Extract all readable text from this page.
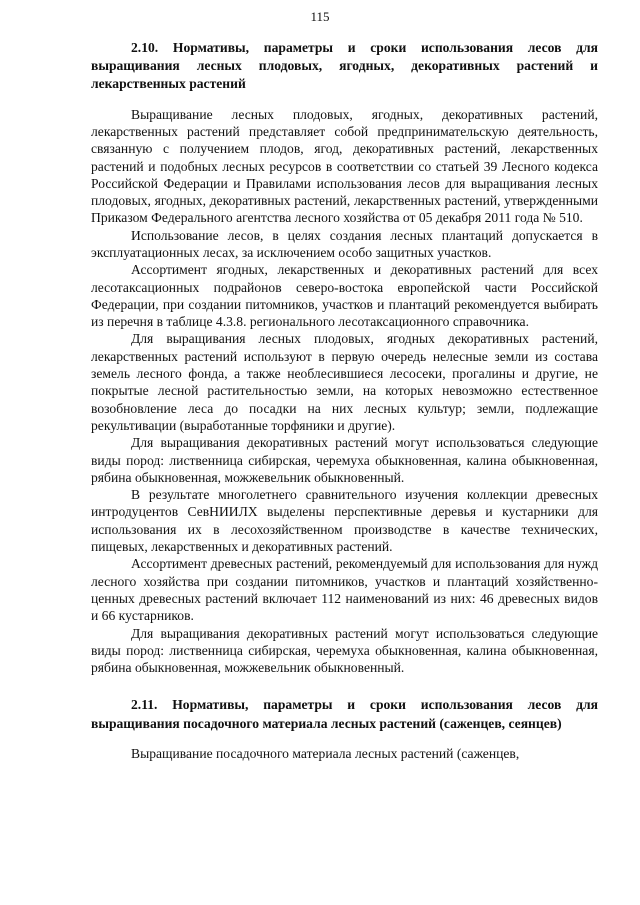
115
2.10. Нормативы, параметры и сроки использования лесов для выращивания лесных плодовых, ягодных, декоративных растений и лекарственных растений

Выращивание лесных плодовых, ягодных, декоративных растений, лекарственных растений представляет собой предпринимательскую деятельность, связанную с получением плодов, ягод, декоративных растений, лекарственных растений и подобных лесных ресурсов в соответствии со статьей 39 Лесного кодекса Российской Федерации и Правилами использования лесов для выращивания лесных плодовых, ягодных, декоративных растений, лекарственных растений, утвержденными Приказом Федерального агентства лесного хозяйства от 05 декабря 2011 года № 510.

Использование лесов, в целях создания лесных плантаций допускается в эксплуатационных лесах, за исключением особо защитных участков.

Ассортимент ягодных, лекарственных и декоративных растений для всех лесотаксационных подрайонов северо-востока европейской части Российской Федерации, при создании питомников, участков и плантаций рекомендуется выбирать из перечня в таблице 4.3.8. регионального лесотаксационного справочника.

Для выращивания лесных плодовых, ягодных декоративных растений, лекарственных растений используют в первую очередь нелесные земли из состава земель лесного фонда, а также необлесившиеся лесосеки, прогалины и другие, не покрытые лесной растительностью земли, на которых невозможно естественное возобновление леса до посадки на них лесных культур; земли, подлежащие рекультивации (выработанные торфяники и другие).

Для выращивания декоративных растений могут использоваться следующие виды пород: лиственница сибирская, черемуха обыкновенная, калина обыкновенная, рябина обыкновенная, можжевельник обыкновенный.

В результате многолетнего сравнительного изучения коллекции древесных интродуцентов СевНИИЛХ выделены перспективные деревья и кустарники для использования их в лесохозяйственном производстве в качестве технических, пищевых, лекарственных и декоративных растений.

Ассортимент древесных растений, рекомендуемый для использования для нужд лесного хозяйства при создании питомников, участков и плантаций хозяйственно-ценных древесных растений включает 112 наименований из них: 46 древесных видов и 66 кустарников.

Для выращивания декоративных растений могут использоваться следующие виды пород: лиственница сибирская, черемуха обыкновенная, калина обыкновенная, рябина обыкновенная, можжевельник обыкновенный.

2.11. Нормативы, параметры и сроки использования лесов для выращивания посадочного материала лесных растений (саженцев, сеянцев)

Выращивание посадочного материала лесных растений (саженцев,
